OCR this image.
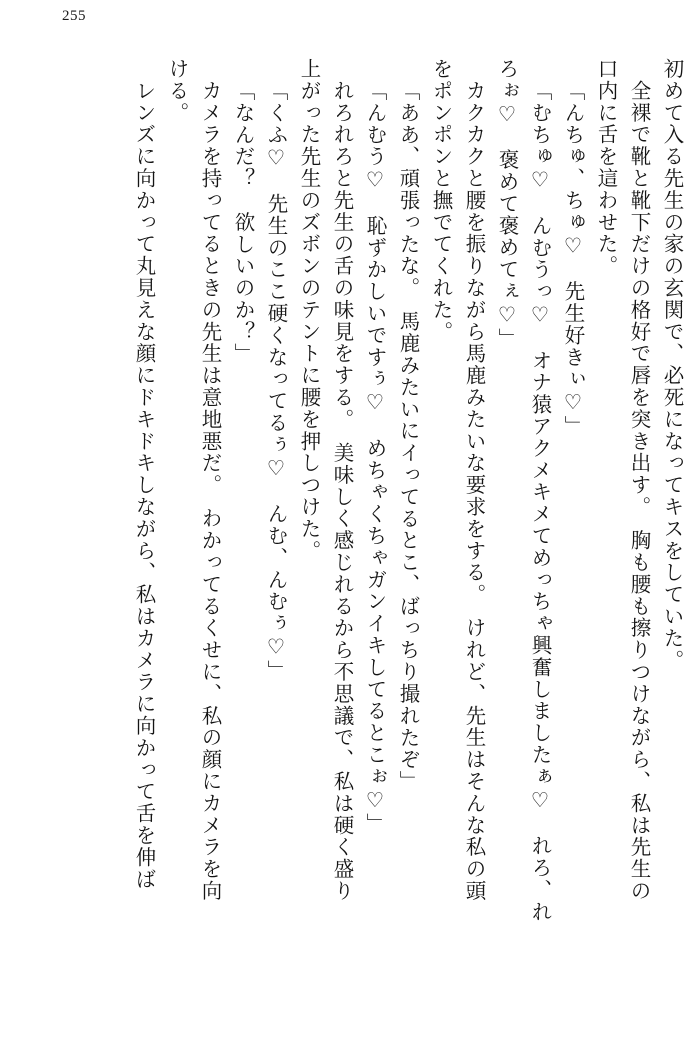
255
初めて入る先生の家の玄関で、必死になってキスをしていた。
　全裸で靴と靴下だけの格好で唇を突き出す。　胸も腰も擦りつけながら、私は先生の
口内に舌を這わせた。
「んちゅ、ちゅ♡　先生好きぃ♡」
「むちゅ♡　んむうっ♡　オナ猿アクメキメてめっちゃ興奮しましたぁ♡　れろ、れ
ろぉ♡　褒めて褒めてぇ♡」
　カクカクと腰を振りながら馬鹿みたいな要求をする。　けれど、先生はそんな私の頭
をポンポンと撫でてくれた。
「ああ、頑張ったな。　馬鹿みたいにイってるとこ、ばっちり撮れたぞ」
「んむう♡　恥ずかしいですぅ♡　めちゃくちゃガンイキしてるとこぉ♡」
　れろれろと先生の舌の味見をする。　美味しく感じれるから不思議で、私は硬く盛り
上がった先生のズボンのテントに腰を押しつけた。
「くふ♡　先生のここ硬くなってるぅ♡　んむ、んむぅ♡」
「なんだ？　欲しいのか？」
　カメラを持ってるときの先生は意地悪だ。　わかってるくせに、私の顔にカメラを向
ける。
　レンズに向かって丸見えな顔にドキドキしながら、私はカメラに向かって舌を伸ば
